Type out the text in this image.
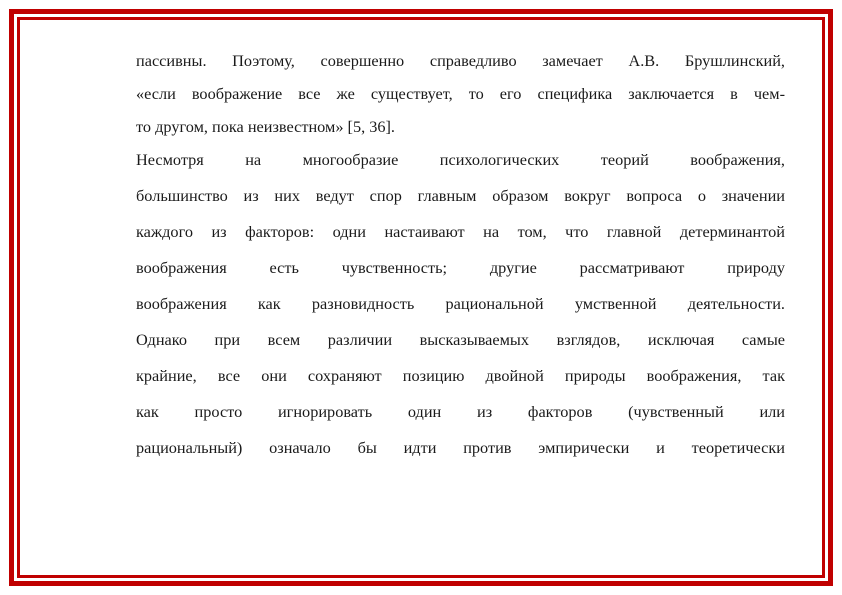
пассивны. Поэтому, совершенно справедливо замечает А.В. Брушлинский,
«если воображение все же существует, то его специфика заключается в чем-
то другом, пока неизвестном» [5, 36].
Несмотря на многообразие психологических теорий воображения,
большинство из них ведут спор главным образом вокруг вопроса о значении
каждого из факторов: одни настаивают на том, что главной детерминантой
воображения есть чувственность; другие рассматривают природу
воображения как разновидность рациональной умственной деятельности.
Однако при всем различии высказываемых взглядов, исключая самые
крайние, все они сохраняют позицию двойной природы воображения, так
как просто игнорировать один из факторов (чувственный или
рациональный) означало бы идти против эмпирически и теоретически
